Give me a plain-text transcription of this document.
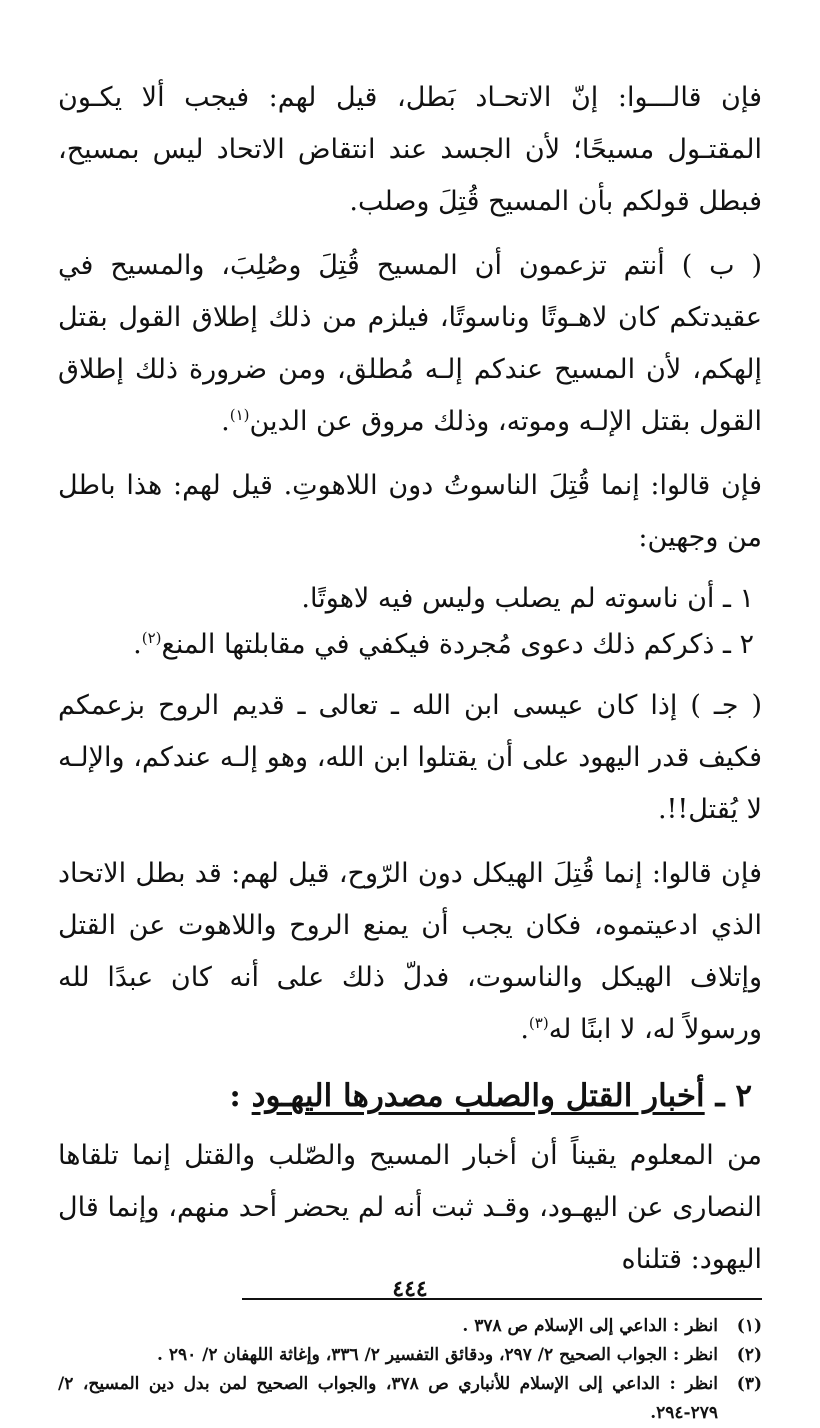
فإن قالـــوا: إنّ الاتحـاد بَطل، قيل لهم: فيجب ألا يكـون المقتـول مسيحًا؛ لأن الجسد عند انتقاض الاتحاد ليس بمسيح، فبطل قولكم بأن المسيح قُتِلَ وصلب.

( ب ) أنتم تزعمون أن المسيح قُتِلَ وصُلِبَ، والمسيح في عقيدتكم كان لاهـوتًا وناسوتًا، فيلزم من ذلك إطلاق القول بقتل إلهكم، لأن المسيح عندكم إلـه مُطلق، ومن ضرورة ذلك إطلاق القول بقتل الإلـه وموته، وذلك مروق عن الدين$^{(١)}$.

فإن قالوا: إنما قُتِلَ الناسوتُ دون اللاهوتِ. قيل لهم: هذا باطل من وجهين:

١ ـ أن ناسوته لم يصلب وليس فيه لاهوتًا.

٢ ـ ذكركم ذلك دعوى مُجردة فيكفي في مقابلتها المنع$^{(٢)}$.

( جـ ) إذا كان عيسى ابن الله ـ تعالى ـ قديم الروح بزعمكم فكيف قدر اليهود على أن يقتلوا ابن الله، وهو إلـه عندكم، والإلـه لا يُقتل!!.

فإن قالوا: إنما قُتِلَ الهيكل دون الرّوح، قيل لهم: قد بطل الاتحاد الذي ادعيتموه، فكان يجب أن يمنع الروح واللاهوت عن القتل وإتلاف الهيكل والناسوت، فدلّ ذلك على أنه كان عبدًا لله ورسولاً له، لا ابنًا له$^{(٣)}$.

٢ ـ أخبار القتل والصلب مصدرها اليهـود :

من المعلوم يقيناً أن أخبار المسيح والصّلب والقتل إنما تلقاها النصارى عن اليهـود، وقـد ثبت أنه لم يحضر أحد منهم، وإنما قال اليهود: قتلناه

(١)
انظر : الداعي إلى الإسلام ص ٣٧٨ .
(٢)
انظر : الجواب الصحيح ٢/ ٢٩٧، ودقائق التفسير ٢/ ٣٣٦، وإغاثة اللهفان ٢/ ٢٩٠ .
(٣)
انظر : الداعي إلى الإسلام للأنباري ص ٣٧٨، والجواب الصحيح لمن بدل دين المسيح، ٢/ ٢٧٩-٢٩٤.
٤٤٤
